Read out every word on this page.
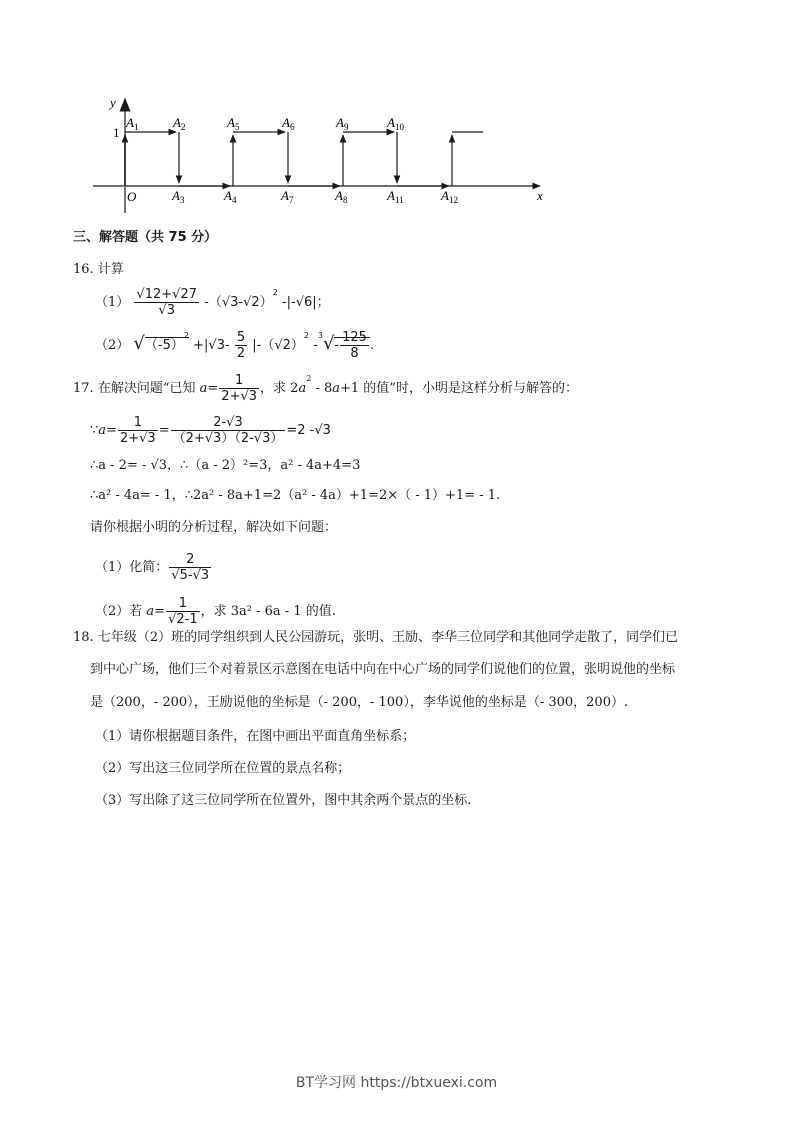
y
x
O
1
$A_1$	$A_2$	$A_5$	$A_6$	$A_9$	$A_{10}$
$A_3$	$A_4$	$A_7$	$A_8$	$A_{11}$	$A_{12}$
三、解答题（共 75 分）
16. 计算
$(1) \frac{√12+√27}{√3} -(√3-√2)^2$ -|-√6|；
（2） $√(-5)^2 +|√3- \frac{5}{2} |-(√2)^2$ $-^3√- \frac{125}{8}$ .
17. 在解决问题“已知 $a= \frac{1}{2+√3}$ ，求 $2a^2 - 8a+1$ 的值”时，小明是这样分析与解答的：
∵a= $\frac{1}{2+√3} = \frac{2-√3}{(2+√3)(2-√3)} =2$ -√3
∴a - 2= - √3，∴（a - 2）²=3，a² - 4a+4=3
∴a² - 4a= - 1，∴2a² - 8a+1=2（a² - 4a）+1=2×（ - 1）+1= - 1.
请你根据小明的分析过程，解决如下问题：
（1）化简： $\frac{2}{√5-√3}$
（2）若 $a= \frac{1}{√2-1}$ ，求 3a² - 6a - 1 的值.
18. 七年级（2）班的同学组织到人民公园游玩，张明、王励、李华三位同学和其他同学走散了，同学们已
到中心广场，他们三个对着景区示意图在电话中向在中心广场的同学们说他们的位置，张明说他的坐标
是（200，- 200），王励说他的坐标是（- 200，- 100），李华说他的坐标是（- 300，200）.
（1）请你根据题目条件，在图中画出平面直角坐标系；
（2）写出这三位同学所在位置的景点名称；
（3）写出除了这三位同学所在位置外，图中其余两个景点的坐标.
BT学习网 https://btxuexi.com
